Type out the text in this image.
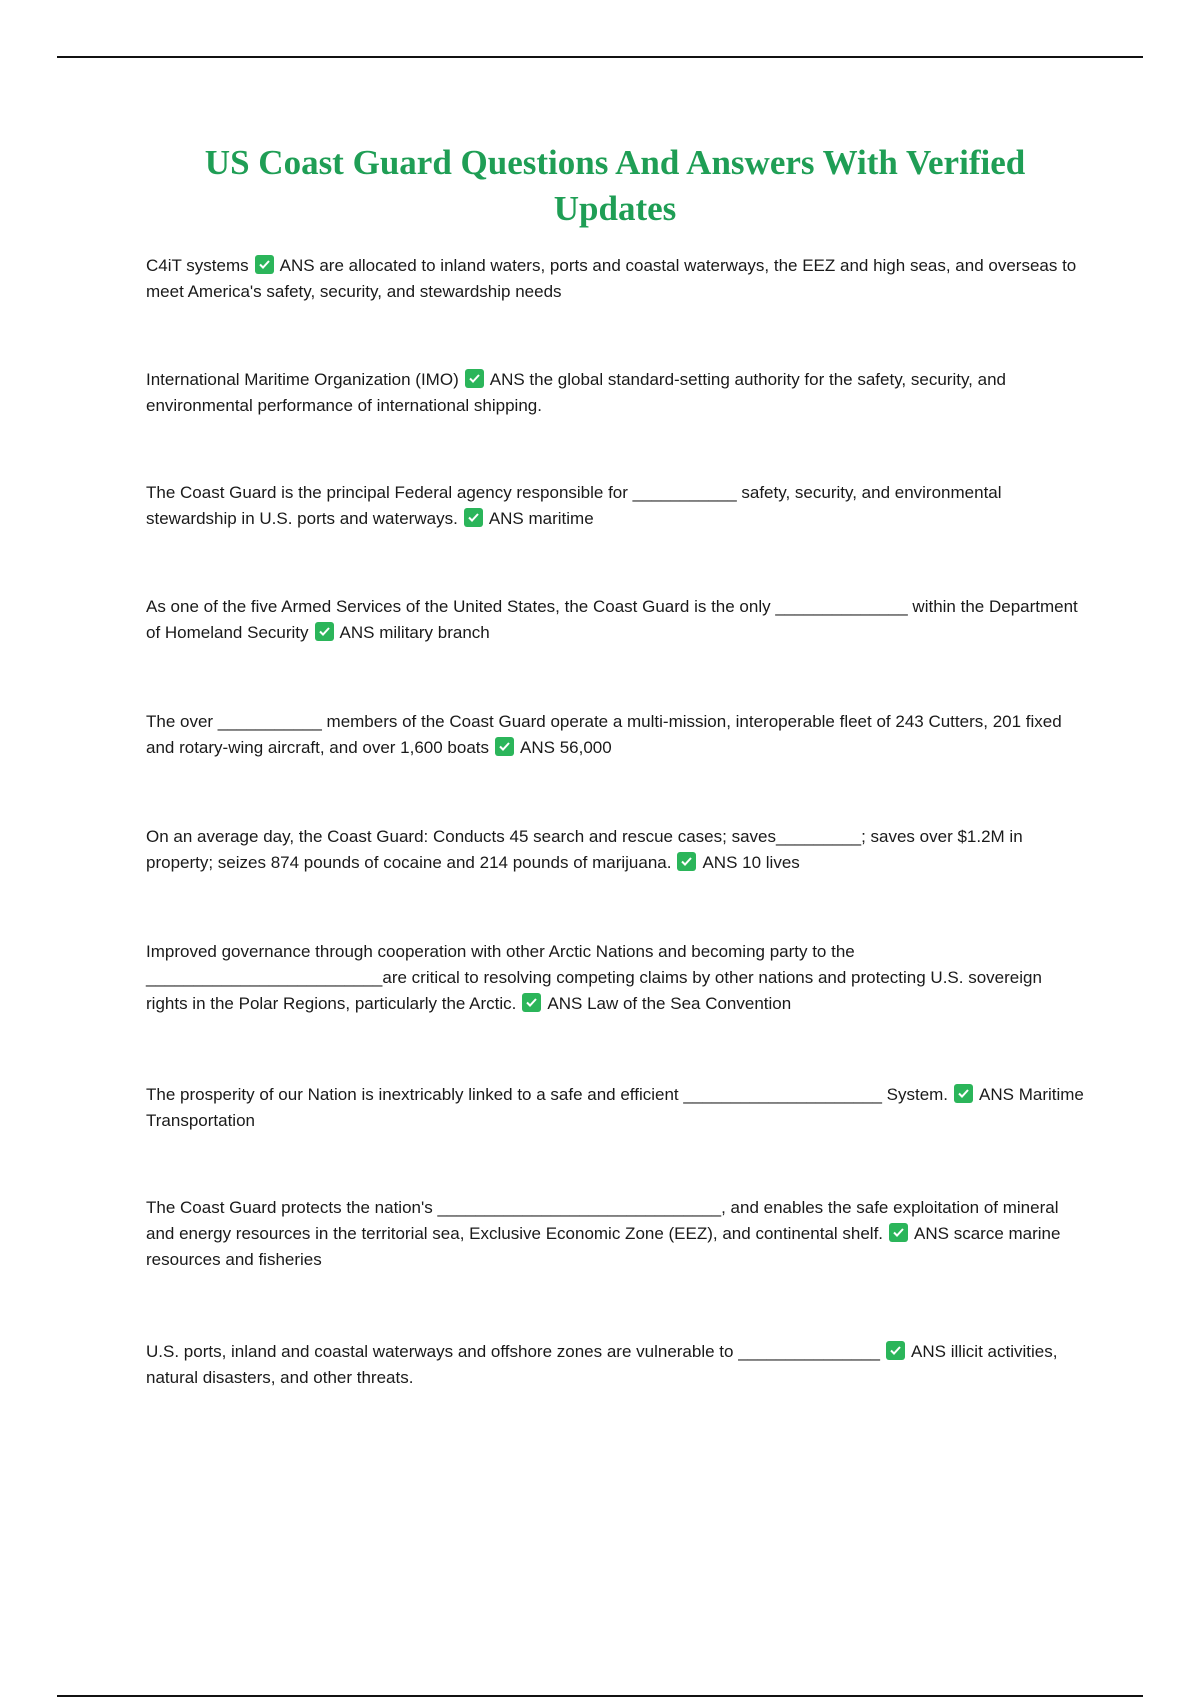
US Coast Guard Questions And Answers With Verified Updates

C4iT systems ANS are allocated to inland waters, ports and coastal waterways, the EEZ and high seas, and overseas to meet America's safety, security, and stewardship needs

International Maritime Organization (IMO) ANS the global standard-setting authority for the safety, security, and environmental performance of international shipping.

The Coast Guard is the principal Federal agency responsible for ___________ safety, security, and environmental stewardship in U.S. ports and waterways. ANS maritime

As one of the five Armed Services of the United States, the Coast Guard is the only ______________ within the Department of Homeland Security ANS military branch

The over ___________ members of the Coast Guard operate a multi-mission, interoperable fleet of 243 Cutters, 201 fixed and rotary-wing aircraft, and over 1,600 boats ANS 56,000

On an average day, the Coast Guard: Conducts 45 search and rescue cases; saves_________; saves over $1.2M in property; seizes 874 pounds of cocaine and 214 pounds of marijuana. ANS 10 lives

Improved governance through cooperation with other Arctic Nations and becoming party to the _________________________are critical to resolving competing claims by other nations and protecting U.S. sovereign rights in the Polar Regions, particularly the Arctic. ANS Law of the Sea Convention

The prosperity of our Nation is inextricably linked to a safe and efficient _____________________ System. ANS Maritime Transportation

The Coast Guard protects the nation's ______________________________, and enables the safe exploitation of mineral and energy resources in the territorial sea, Exclusive Economic Zone (EEZ), and continental shelf. ANS scarce marine resources and fisheries

U.S. ports, inland and coastal waterways and offshore zones are vulnerable to _______________ ANS illicit activities, natural disasters, and other threats.
